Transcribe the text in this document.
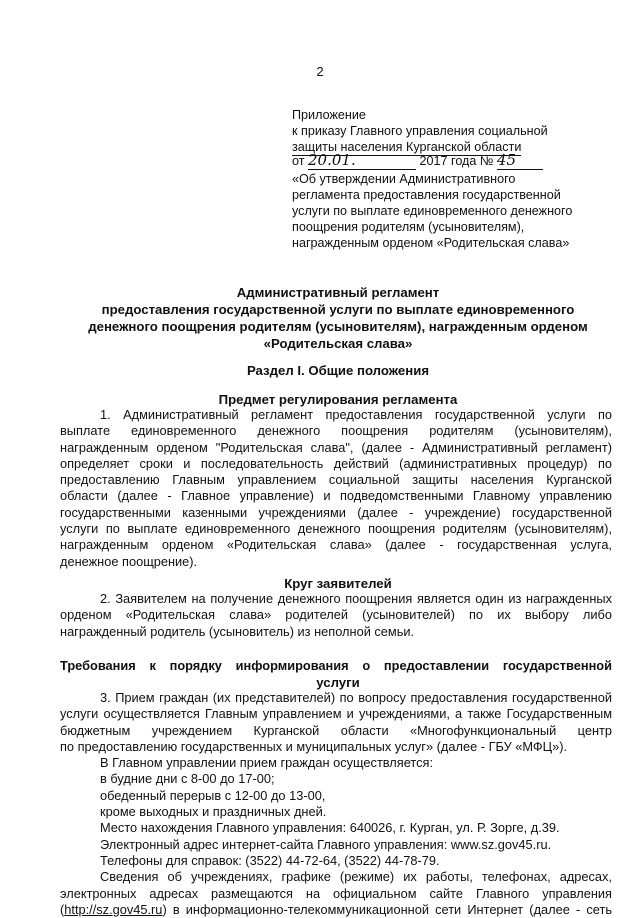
2
Приложение
к приказу Главного управления социальной
защиты населения Курганской области
от 20.01.	2017 года № 45
«Об утверждении Административного
регламента предоставления государственной
услуги по выплате единовременного денежного
поощрения родителям (усыновителям),
награжденным орденом «Родительская слава»
Административный регламент
предоставления государственной услуги по выплате единовременного
денежного поощрения родителям (усыновителям), награжденным орденом
«Родительская слава»
Раздел I. Общие положения
Предмет регулирования регламента
1. Административный регламент предоставления государственной услуги по
выплате единовременного денежного поощрения родителям (усыновителям),
награжденным орденом "Родительская слава", (далее - Административный регламент)
определяет сроки и последовательность действий (административных процедур) по
предоставлению Главным управлением социальной защиты населения Курганской
области (далее - Главное управление) и подведомственными Главному управлению
государственными казенными учреждениями (далее - учреждение) государственной
услуги по выплате единовременного денежного поощрения родителям (усыновителям),
награжденным орденом «Родительская слава» (далее - государственная услуга,
денежное поощрение).
Круг заявителей
2. Заявителем на получение денежного поощрения является один из награжденных
орденом «Родительская слава» родителей (усыновителей) по их выбору либо
награжденный родитель (усыновитель) из неполной семьи.
Требования к порядку информирования о предоставлении государственной
услуги
3. Прием граждан (их представителей) по вопросу предоставления государственной
услуги осуществляется Главным управлением и учреждениями, а также Государственным
бюджетным учреждением Курганской области «Многофункциональный центр
по предоставлению государственных и муниципальных услуг» (далее - ГБУ «МФЦ»).
В Главном управлении прием граждан осуществляется:
в будние дни с 8-00 до 17-00;
обеденный перерыв с 12-00 до 13-00,
кроме выходных и праздничных дней.
Место нахождения Главного управления: 640026, г. Курган, ул. Р. Зорге, д.39.
Электронный адрес интернет-сайта Главного управления: www.sz.gov45.ru.
Телефоны для справок: (3522) 44-72-64, (3522) 44-78-79.
Сведения об учреждениях, графике (режиме) их работы, телефонах, адресах,
электронных адресах размещаются на официальном сайте Главного управления
(http://sz.gov45.ru) в информационно-телекоммуникационной сети Интернет (далее - сеть
